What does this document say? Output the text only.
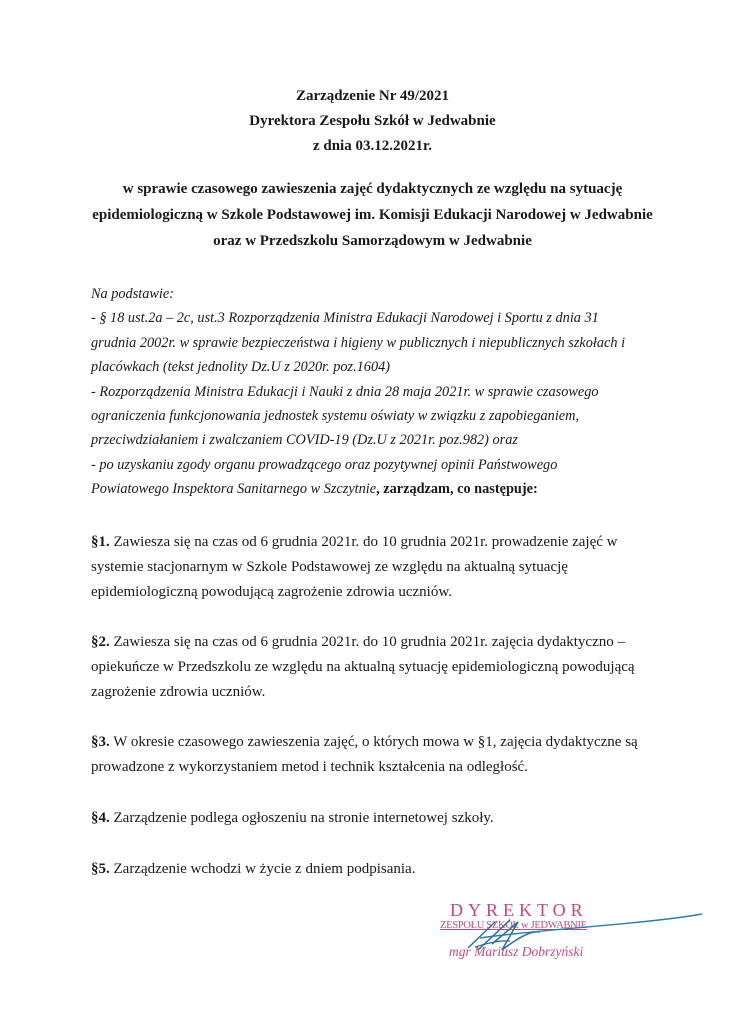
Zarządzenie Nr 49/2021
Dyrektora Zespołu Szkół w Jedwabnie
z dnia 03.12.2021r.
w sprawie czasowego zawieszenia zajęć dydaktycznych ze względu na sytuację
epidemiologiczną w Szkole Podstawowej im. Komisji Edukacji Narodowej w Jedwabnie
oraz w Przedszkolu Samorządowym w Jedwabnie
Na podstawie:
- § 18 ust.2a – 2c, ust.3 Rozporządzenia Ministra Edukacji Narodowej i Sportu z dnia 31
grudnia 2002r. w sprawie bezpieczeństwa i higieny w publicznych i niepublicznych szkołach i
placówkach (tekst jednolity Dz.U z 2020r. poz.1604)
- Rozporządzenia Ministra Edukacji i Nauki z dnia 28 maja 2021r. w sprawie czasowego
ograniczenia funkcjonowania jednostek systemu oświaty w związku z zapobieganiem,
przeciwdziałaniem i zwalczaniem COVID-19 (Dz.U z 2021r. poz.982) oraz
- po uzyskaniu zgody organu prowadzącego oraz pozytywnej opinii Państwowego
Powiatowego Inspektora Sanitarnego w Szczytnie, zarządzam, co następuje:
§1. Zawiesza się na czas od 6 grudnia 2021r. do 10 grudnia 2021r. prowadzenie zajęć w
systemie stacjonarnym w Szkole Podstawowej ze względu na aktualną sytuację
epidemiologiczną powodującą zagrożenie zdrowia uczniów.
§2. Zawiesza się na czas od 6 grudnia 2021r. do 10 grudnia 2021r. zajęcia dydaktyczno –
opiekuńcze w Przedszkolu ze względu na aktualną sytuację epidemiologiczną powodującą
zagrożenie zdrowia uczniów.
§3. W okresie czasowego zawieszenia zajęć, o których mowa w §1, zajęcia dydaktyczne są
prowadzone z wykorzystaniem metod i technik kształcenia na odległość.
§4. Zarządzenie podlega ogłoszeniu na stronie internetowej szkoły.
§5. Zarządzenie wchodzi w życie z dniem podpisania.
DYREKTOR
ZESPOŁU SZKÓŁ w JEDWABNIE
mgr Mariusz Dobrzyński
